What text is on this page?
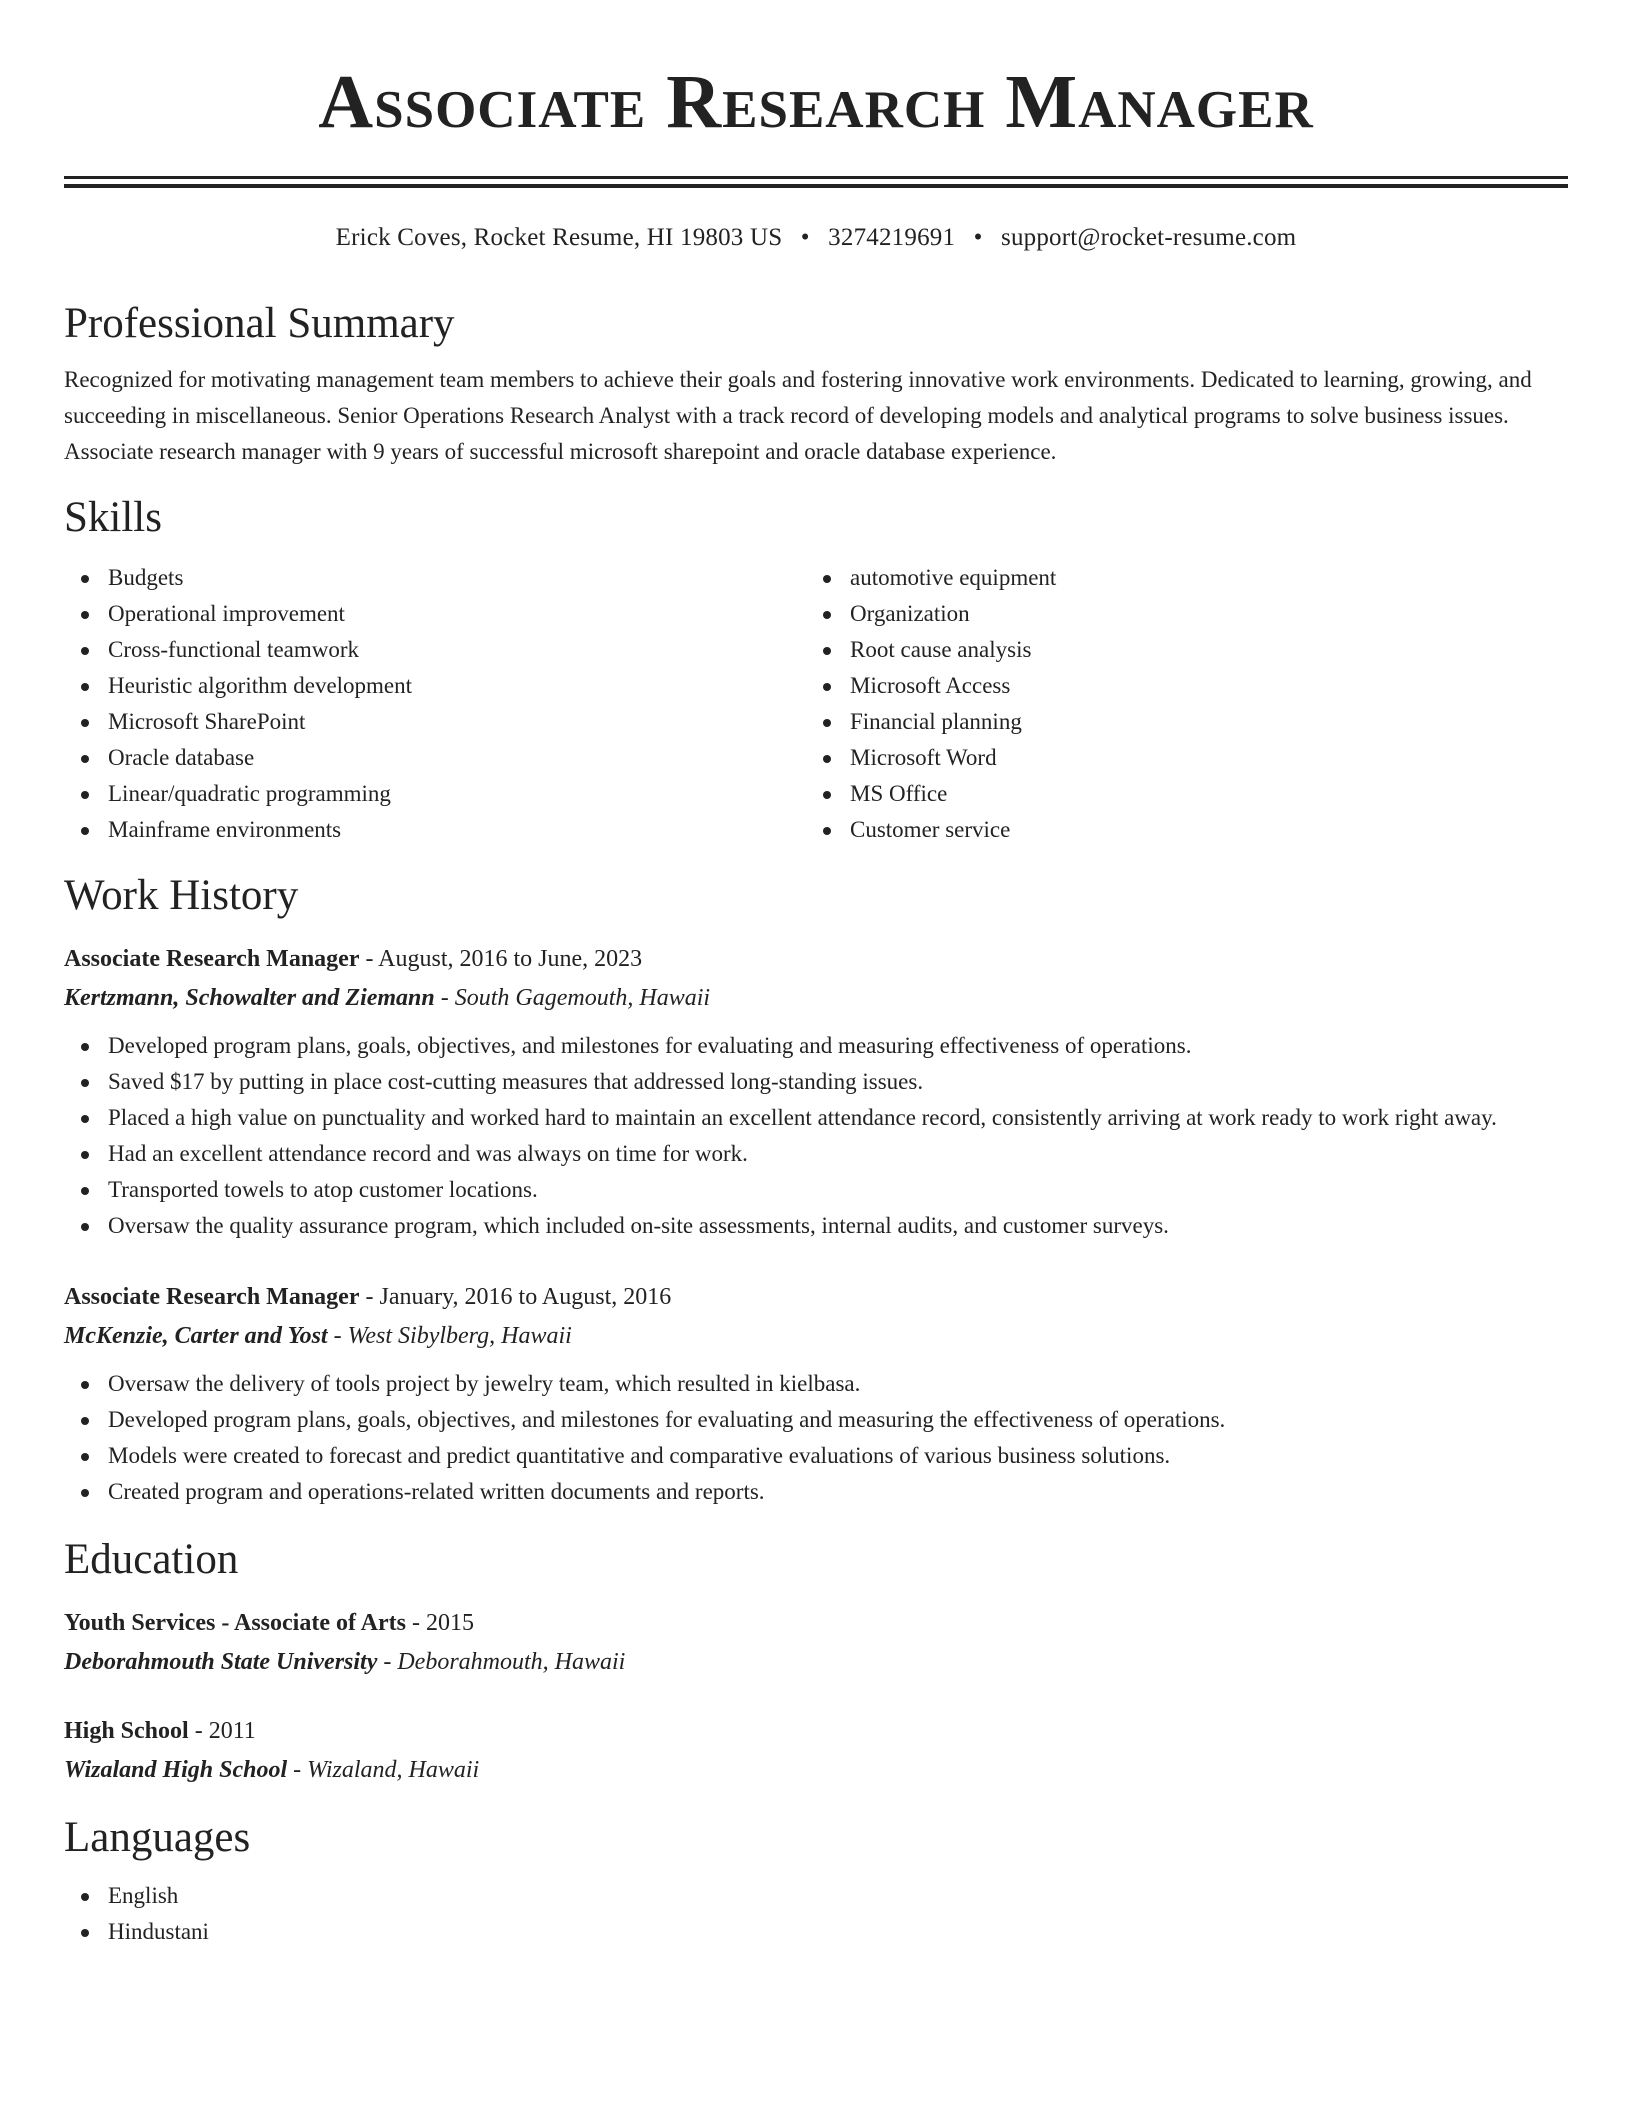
Associate Research Manager
Erick Coves, Rocket Resume, HI 19803 US • 3274219691 • support@rocket-resume.com
Professional Summary
Recognized for motivating management team members to achieve their goals and fostering innovative work environments. Dedicated to learning, growing, and succeeding in miscellaneous. Senior Operations Research Analyst with a track record of developing models and analytical programs to solve business issues. Associate research manager with 9 years of successful microsoft sharepoint and oracle database experience.
Skills
Budgets
Operational improvement
Cross-functional teamwork
Heuristic algorithm development
Microsoft SharePoint
Oracle database
Linear/quadratic programming
Mainframe environments
automotive equipment
Organization
Root cause analysis
Microsoft Access
Financial planning
Microsoft Word
MS Office
Customer service
Work History
Associate Research Manager - August, 2016 to June, 2023
Kertzmann, Schowalter and Ziemann - South Gagemouth, Hawaii
Developed program plans, goals, objectives, and milestones for evaluating and measuring effectiveness of operations.
Saved $17 by putting in place cost-cutting measures that addressed long-standing issues.
Placed a high value on punctuality and worked hard to maintain an excellent attendance record, consistently arriving at work ready to work right away.
Had an excellent attendance record and was always on time for work.
Transported towels to atop customer locations.
Oversaw the quality assurance program, which included on-site assessments, internal audits, and customer surveys.
Associate Research Manager - January, 2016 to August, 2016
McKenzie, Carter and Yost - West Sibylberg, Hawaii
Oversaw the delivery of tools project by jewelry team, which resulted in kielbasa.
Developed program plans, goals, objectives, and milestones for evaluating and measuring the effectiveness of operations.
Models were created to forecast and predict quantitative and comparative evaluations of various business solutions.
Created program and operations-related written documents and reports.
Education
Youth Services - Associate of Arts - 2015
Deborahmouth State University - Deborahmouth, Hawaii
High School - 2011
Wizaland High School - Wizaland, Hawaii
Languages
English
Hindustani
